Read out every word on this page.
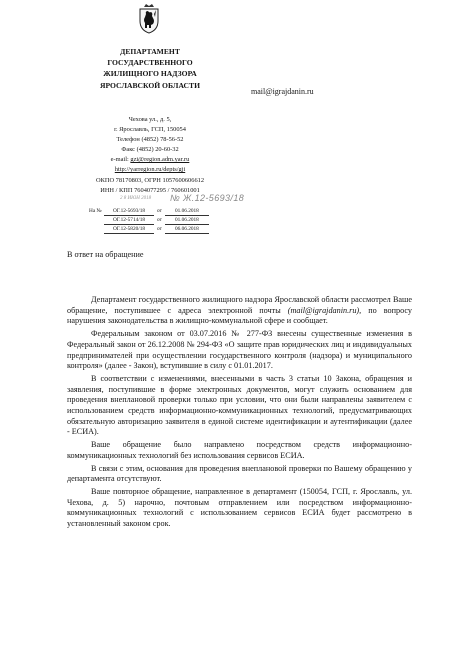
ДЕПАРТАМЕНТ
ГОСУДАРСТВЕННОГО
ЖИЛИЩНОГО НАДЗОРА
ЯРОСЛАВСКОЙ ОБЛАСТИ
Чехова ул., д. 5,
г. Ярославль, ГСП, 150054
Телефон (4852) 78-56-52
Факс (4852) 20-60-32
e-mail: gzi@region.adm.yar.ru
http://yarregion.ru/depts/gji
ОКПО 78170803, ОГРН 1057600606612
ИНН / КПП 7604077295 / 760601001
mail@igrajdanin.ru
2 8 ИЮН 2018 № Ж.12-5693/18
На №	ОГ.12-5693/18	от	01.06.2018
ОГ.12-5714/18	от	01.06.2018
ОГ.12-5820/18	от	06.06.2018
В ответ на обращение

Департамент государственного жилищного надзора Ярославской области рассмотрел Ваше обращение, поступившее с адреса электронной почты (mail@igrajdanin.ru), по вопросу нарушения законодательства в жилищно-коммунальной сфере и сообщает.

Федеральным законом от 03.07.2016 № 277-ФЗ внесены существенные изменения в Федеральный закон от 26.12.2008 № 294-ФЗ «О защите прав юридических лиц и индивидуальных предпринимателей при осуществлении государственного контроля (надзора) и муниципального контроля» (далее - Закон), вступившие в силу с 01.01.2017.

В соответствии с изменениями, внесенными в часть 3 статьи 10 Закона, обращения и заявления, поступившие в форме электронных документов, могут служить основанием для проведения внеплановой проверки только при условии, что они были направлены заявителем с использованием средств информационно-коммуникационных технологий, предусматривающих обязательную авторизацию заявителя в единой системе идентификации и аутентификации (далее - ЕСИА).

Ваше обращение было направлено посредством средств информационно-коммуникационных технологий без использования сервисов ЕСИА.

В связи с этим, основания для проведения внеплановой проверки по Вашему обращению у департамента отсутствуют.

Ваше повторное обращение, направленное в департамент (150054, ГСП, г. Ярославль, ул. Чехова, д. 5) нарочно, почтовым отправлением или посредством информационно-коммуникационных технологий с использованием сервисов ЕСИА будет рассмотрено в установленный законом срок.
